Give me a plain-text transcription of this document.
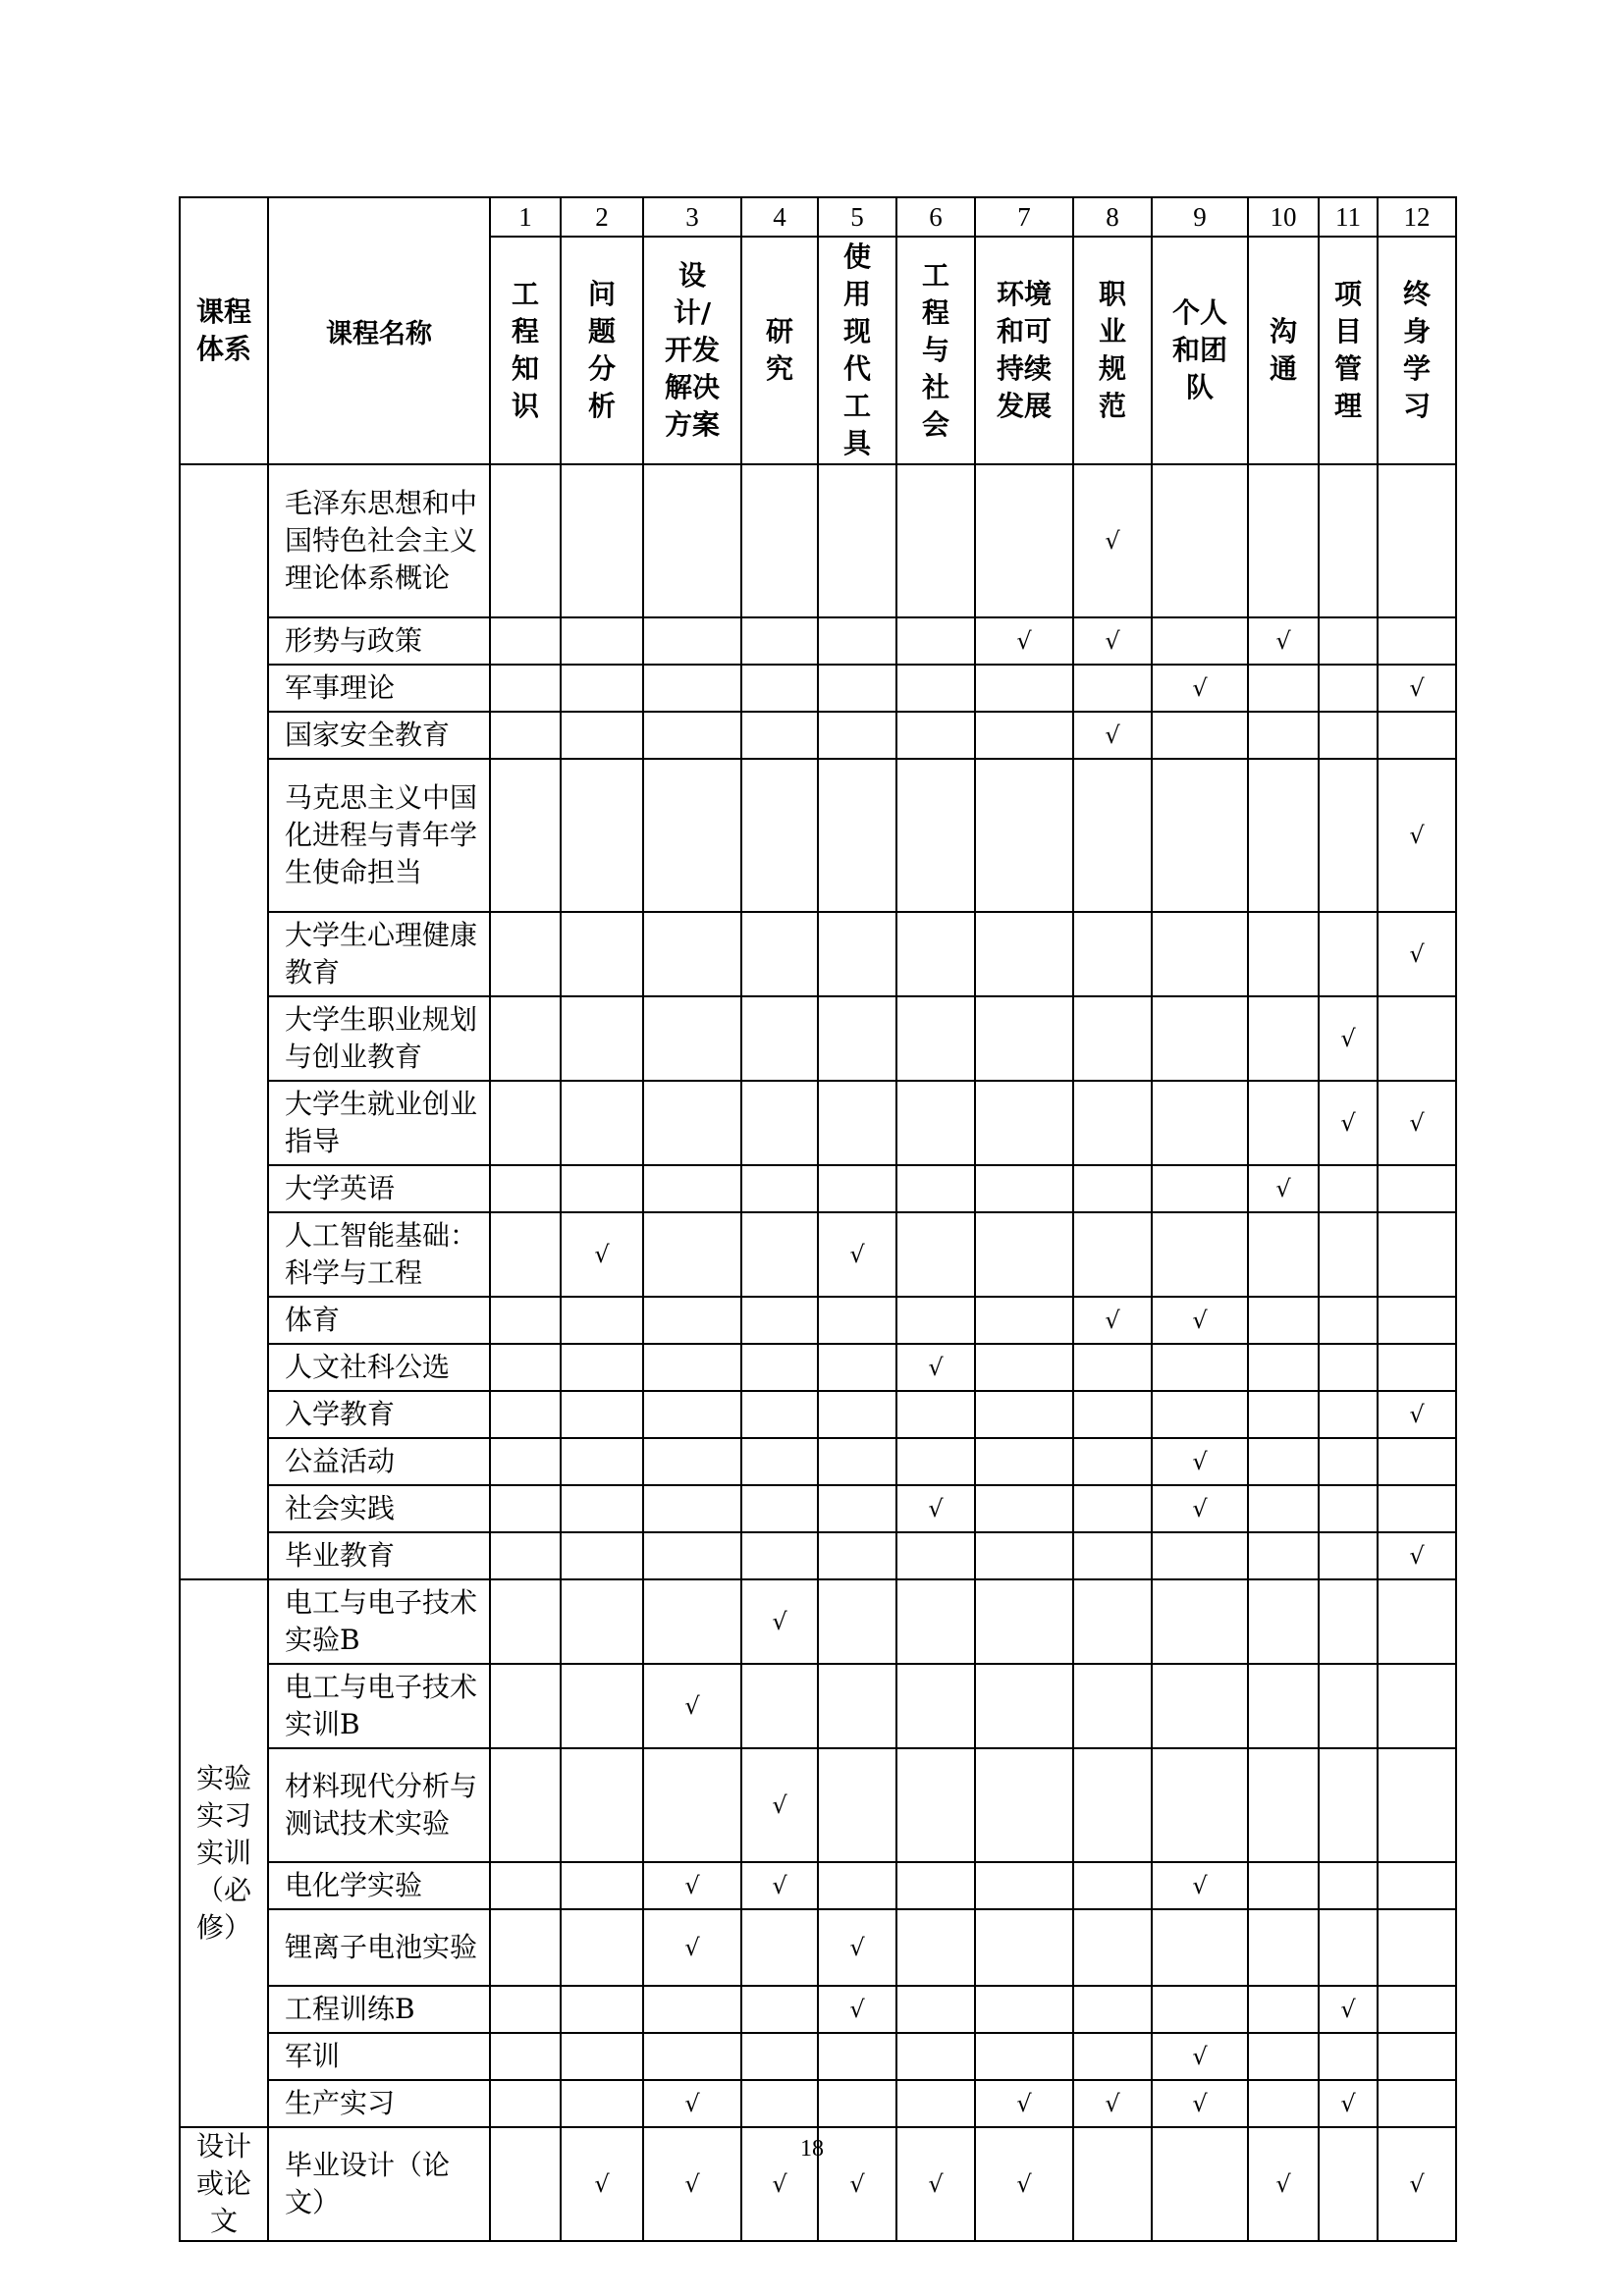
课程体系	课程名称	1	2	3	4	5	6	7	8	9	10	11	12
		工程知识	问题分析	设计/开发解决方案	研究	使用现代工具	工程与社会	环境和可持续发展	职业规范	个人和团队	沟通	项目管理	终身学习
	毛泽东思想和中国特色社会主义理论体系概论								√				
	形势与政策							√	√		√		
	军事理论									√			√
	国家安全教育								√				
	马克思主义中国化进程与青年学生使命担当												√
	大学生心理健康教育												√
	大学生职业规划与创业教育											√	
	大学生就业创业指导											√	√
	大学英语										√		
	人工智能基础：科学与工程		√			√							
	体育								√	√			
	人文社科公选						√						
	入学教育												√
	公益活动									√			
	社会实践						√			√			
	毕业教育												√
实验实习实训（必修）	电工与电子技术实验B				√								
	电工与电子技术实训B			√									
	材料现代分析与测试技术实验				√								
	电化学实验			√	√					√			
	锂离子电池实验			√		√							
	工程训练B					√						√	
	军训									√			
	生产实习			√				√	√	√		√	
设计或论文	毕业设计（论文）		√	√	√	√	√	√			√		√
18
